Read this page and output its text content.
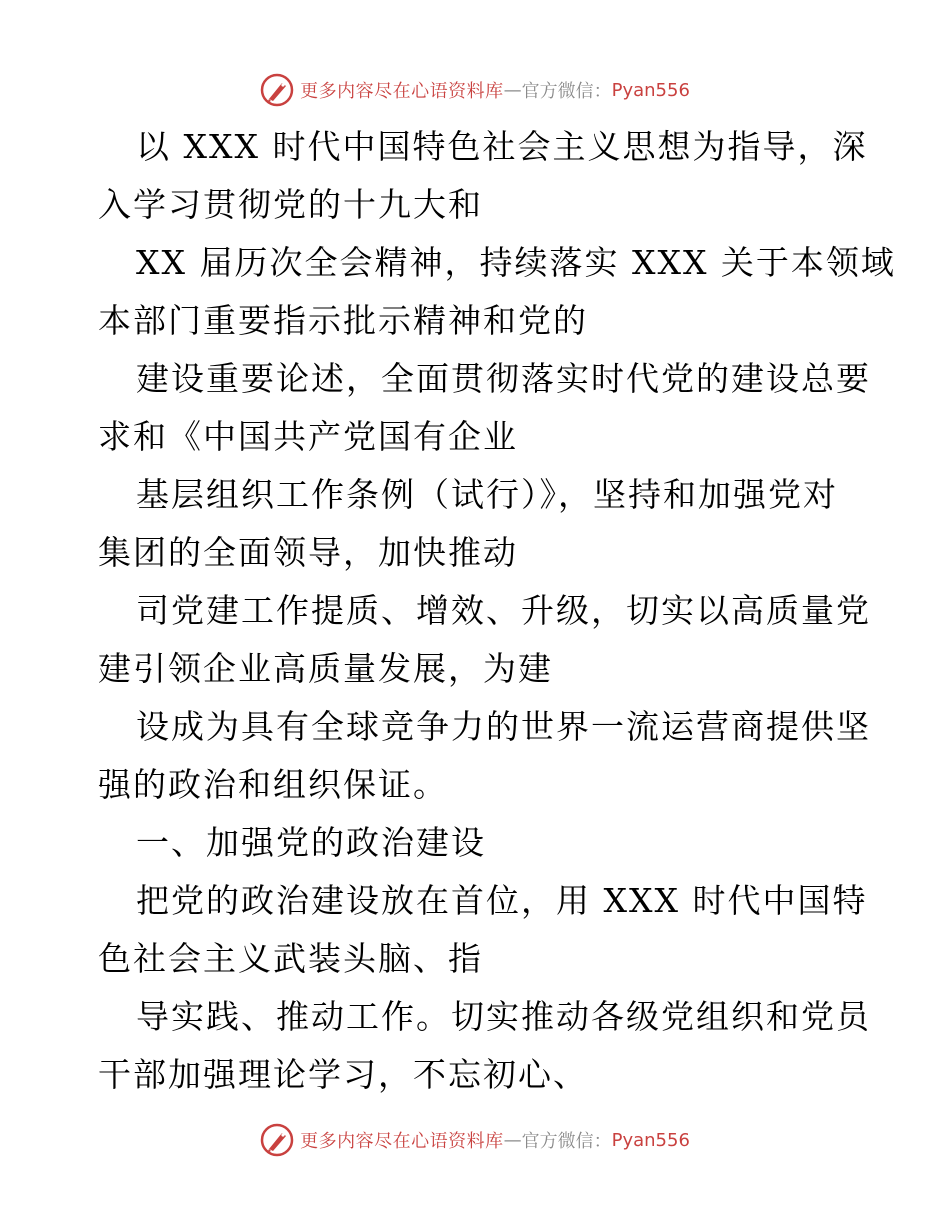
更多内容尽在心语资料库 — 官方微信： Pyan556
以 XXX 时代中国特色社会主义思想为指导，深
入学习贯彻党的十九大和
XX 届历次全会精神，持续落实 XXX 关于本领域
本部门重要指示批示精神和党的
建设重要论述，全面贯彻落实时代党的建设总要
求和《中国共产党国有企业
基层组织工作条例（试行）》，坚持和加强党对
集团的全面领导，加快推动
司党建工作提质、增效、升级，切实以高质量党
建引领企业高质量发展，为建
设成为具有全球竞争力的世界一流运营商提供坚
强的政治和组织保证。
一、加强党的政治建设
把党的政治建设放在首位，用 XXX 时代中国特
色社会主义武装头脑、指
导实践、推动工作。切实推动各级党组织和党员
干部加强理论学习，不忘初心、
更多内容尽在心语资料库 — 官方微信： Pyan556
